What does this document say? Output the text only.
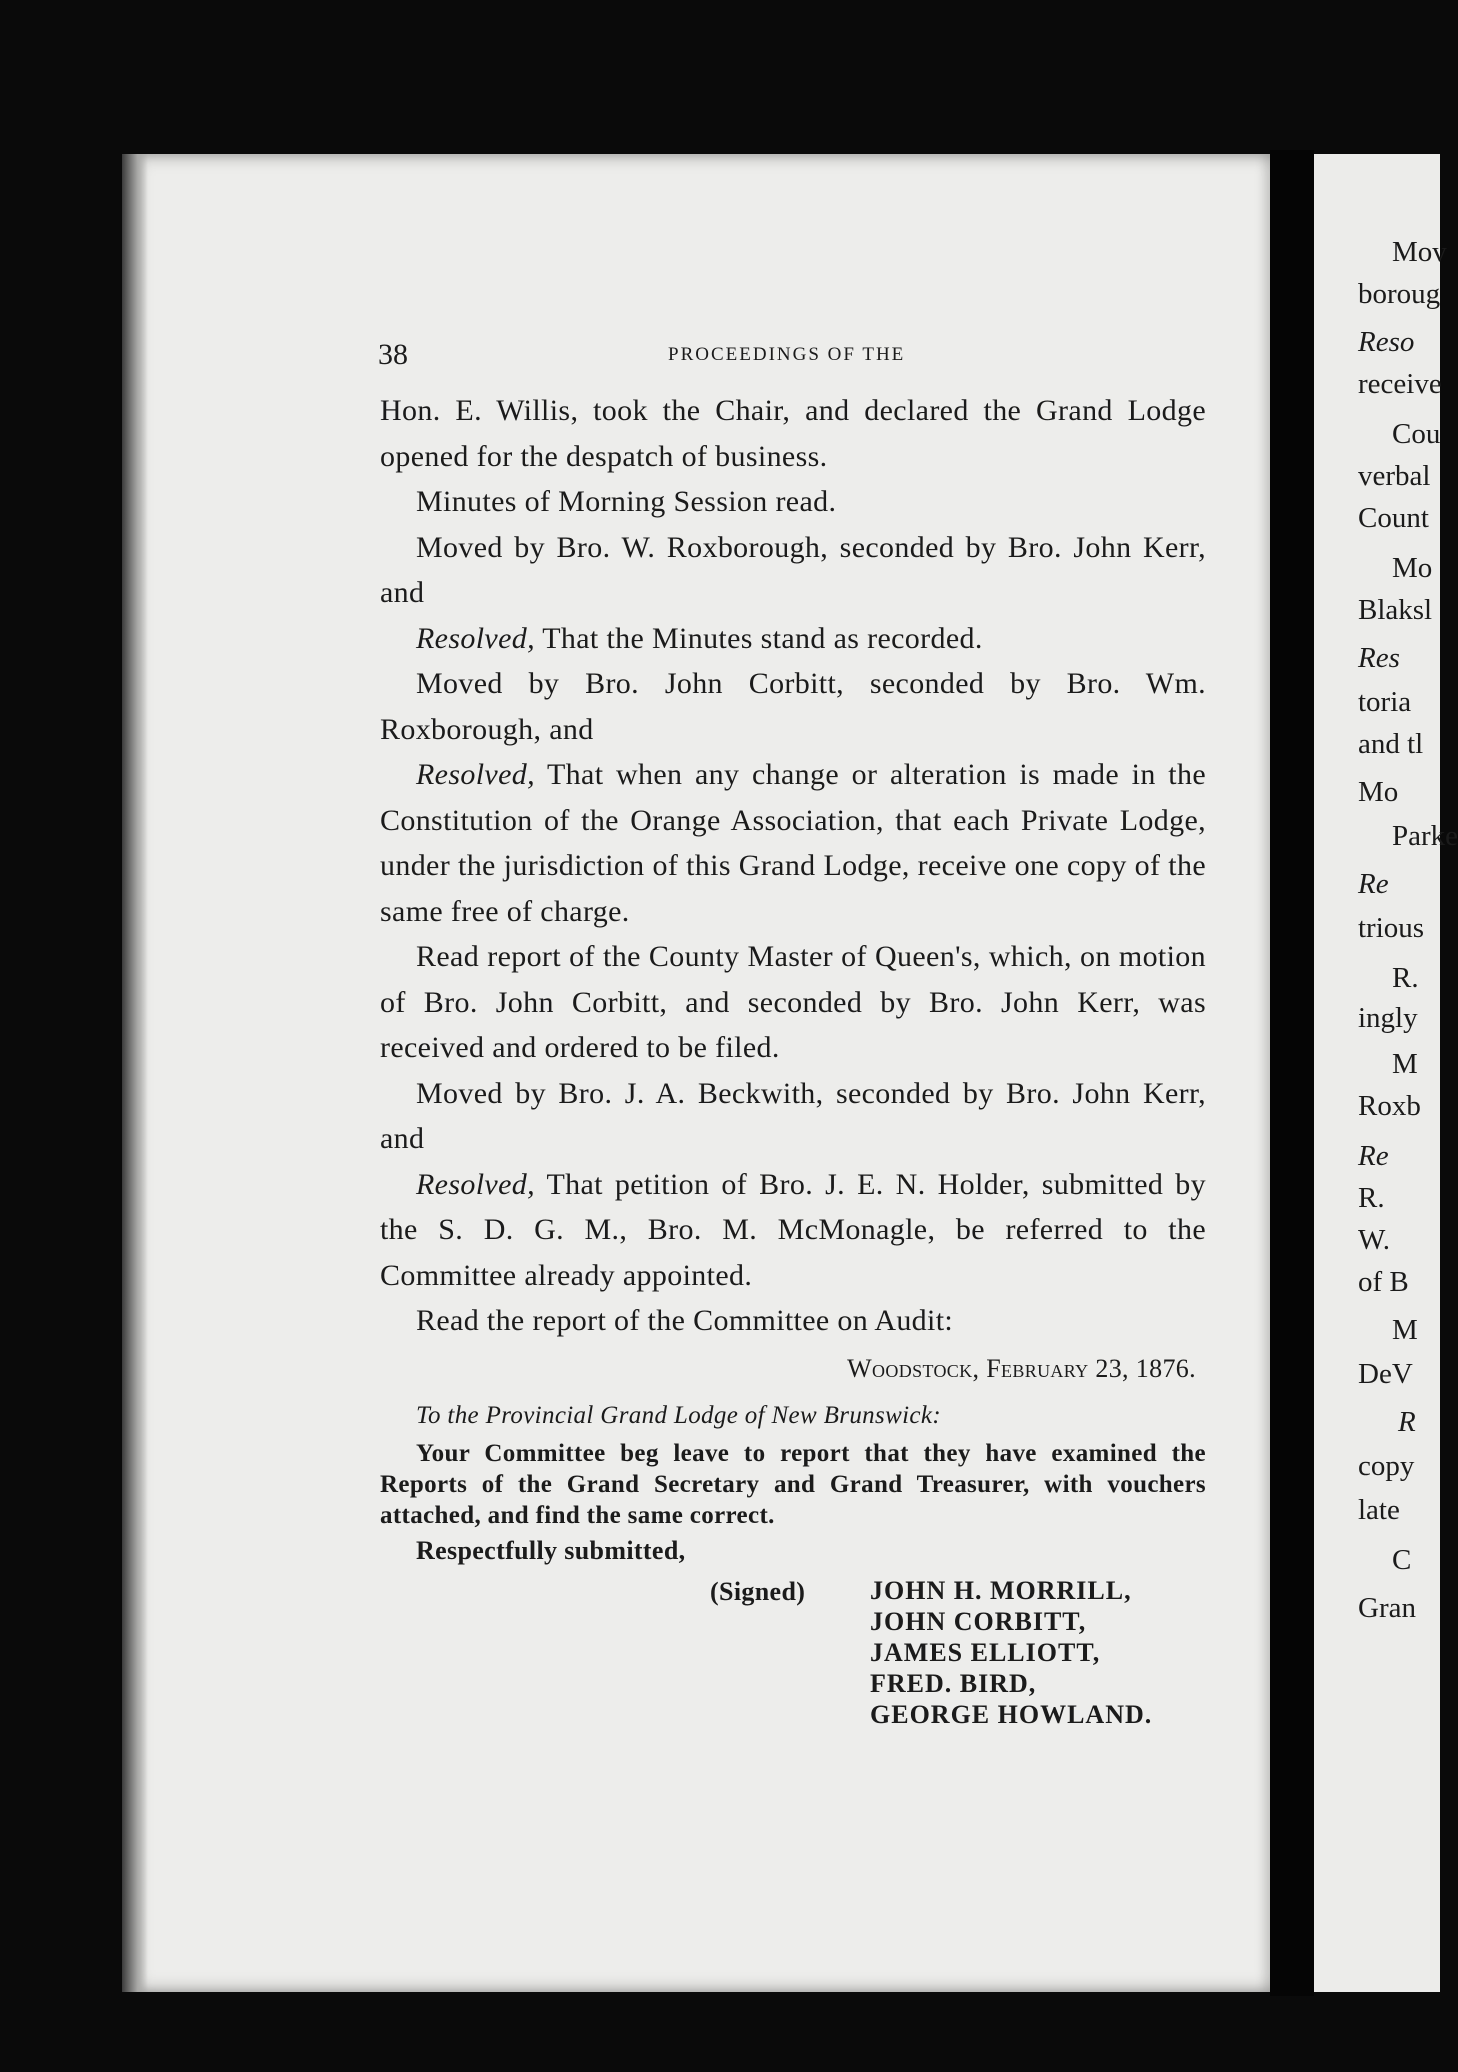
Mov
boroug
Reso
receive
Cou
verbal
Count
Mo
Blaksl
Res
toria
and tl
Mo
Parke
Re
trious
R.
ingly
M
Roxb
Re
R.
W.
of B
M
DeV
R
copy
late
C
Gran
38	PROCEEDINGS OF THE

Hon. E. Willis, took the Chair, and declared the Grand Lodge opened for the despatch of business.

Minutes of Morning Session read.

Moved by Bro. W. Roxborough, seconded by Bro. John Kerr, and

Resolved, That the Minutes stand as recorded.

Moved by Bro. John Corbitt, seconded by Bro. Wm. Roxborough, and

Resolved, That when any change or alteration is made in the Constitution of the Orange Association, that each Private Lodge, under the jurisdiction of this Grand Lodge, receive one copy of the same free of charge.

Read report of the County Master of Queen's, which, on motion of Bro. John Corbitt, and seconded by Bro. John Kerr, was received and ordered to be filed.

Moved by Bro. J. A. Beckwith, seconded by Bro. John Kerr, and

Resolved, That petition of Bro. J. E. N. Holder, submitted by the S. D. G. M., Bro. M. McMonagle, be referred to the Committee already appointed.

Read the report of the Committee on Audit:

Woodstock, February 23, 1876.

To the Provincial Grand Lodge of New Brunswick:

Your Committee beg leave to report that they have examined the Reports of the Grand Secretary and Grand Treasurer, with vouchers attached, and find the same correct.

Respectfully submitted,

(Signed) JOHN H. MORRILL,
JOHN CORBITT,
JAMES ELLIOTT,
FRED. BIRD,
GEORGE HOWLAND.
